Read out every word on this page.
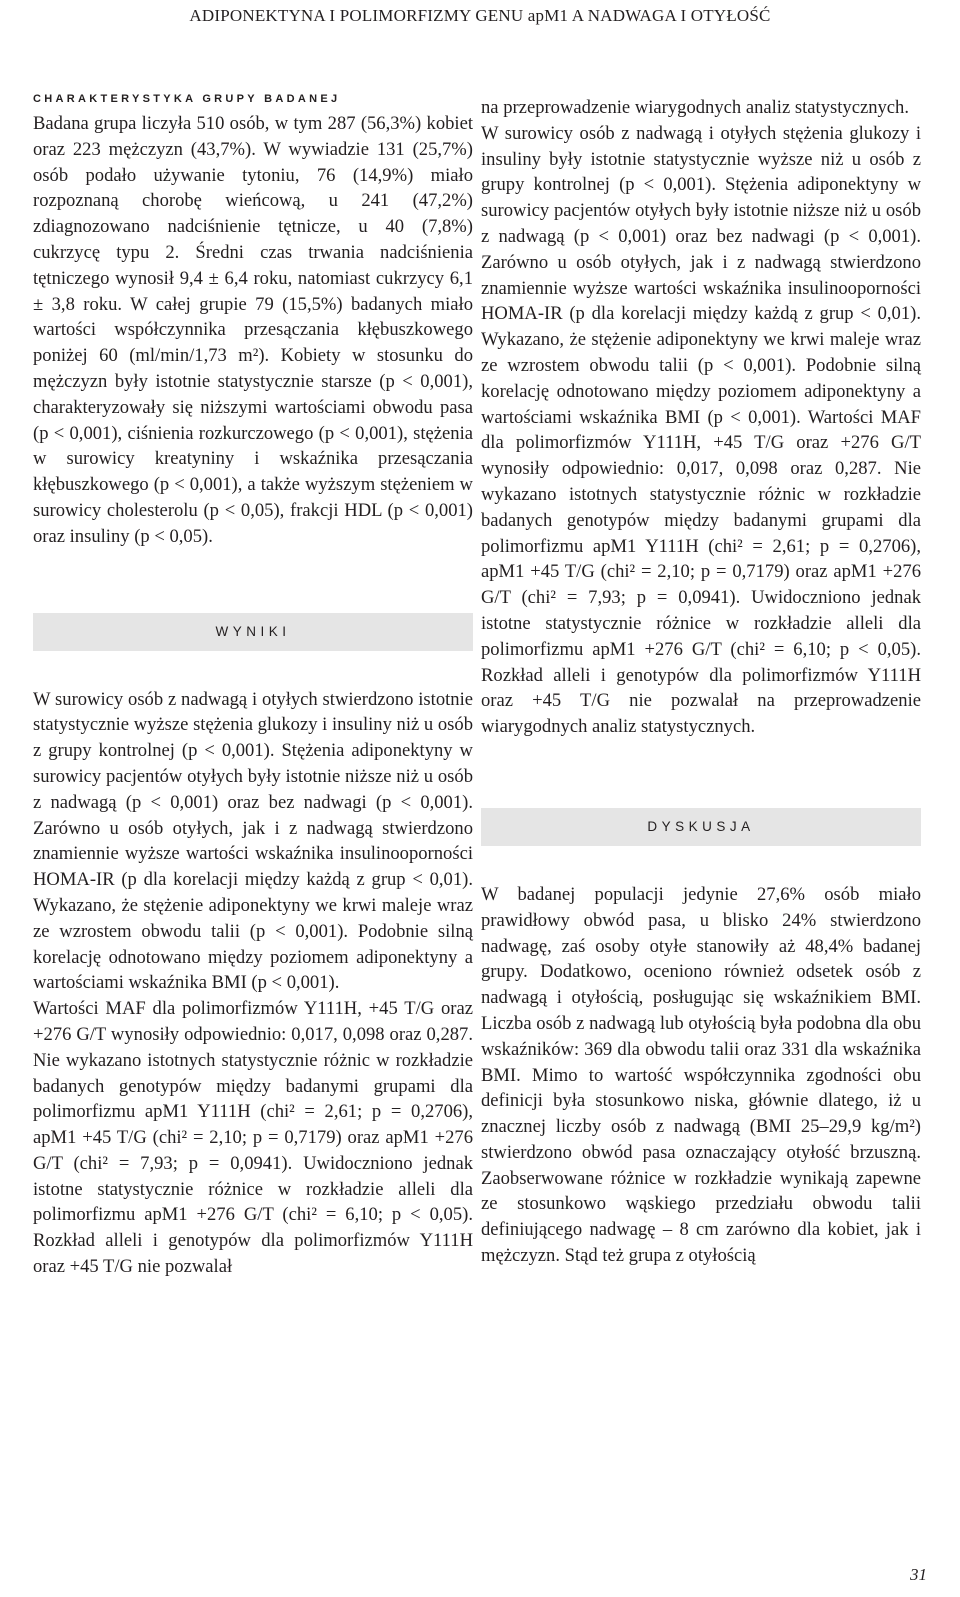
ADIPONEKTYNA I POLIMORFIZMY GENU apM1 A NADWAGA I OTYŁOŚĆ

CHARAKTERYSTYKA GRUPY BADANEJ

Badana grupa liczyła 510 osób, w tym 287 (56,3%) kobiet oraz 223 mężczyzn (43,7%). W wywiadzie 131 (25,7%) osób podało używanie tytoniu, 76 (14,9%) miało rozpoznaną chorobę wieńcową, u 241 (47,2%) zdiagnozowano nadciśnienie tętnicze, u 40 (7,8%) cukrzycę typu 2. Średni czas trwania nadciśnienia tętniczego wynosił 9,4 ± 6,4 roku, natomiast cukrzycy 6,1 ± 3,8 roku. W całej grupie 79 (15,5%) badanych miało wartości współczynnika przesączania kłębuszkowego poniżej 60 (ml/min/1,73 m²). Kobiety w stosunku do mężczyzn były istotnie statystycznie starsze (p < 0,001), charakteryzowały się niższymi wartościami obwodu pasa (p < 0,001), ciśnienia rozkurczowego (p < 0,001), stężenia w surowicy kreatyniny i wskaźnika przesączania kłębuszkowego (p < 0,001), a także wyższym stężeniem w surowicy cholesterolu (p < 0,05), frakcji HDL (p < 0,001) oraz insuliny (p < 0,05).

WYNIKI

W surowicy osób z nadwagą i otyłych stwierdzono istotnie statystycznie wyższe stężenia glukozy i insuliny niż u osób z grupy kontrolnej (p < 0,001). Stężenia adiponektyny w surowicy pacjentów otyłych były istotnie niższe niż u osób z nadwagą (p < 0,001) oraz bez nadwagi (p < 0,001). Zarówno u osób otyłych, jak i z nadwagą stwierdzono znamiennie wyższe wartości wskaźnika insulinooporności HOMA-IR (p dla korelacji między każdą z grup < 0,01). Wykazano, że stężenie adiponektyny we krwi maleje wraz ze wzrostem obwodu talii (p < 0,001). Podobnie silną korelację odnotowano między poziomem adiponektyny a wartościami wskaźnika BMI (p < 0,001).

Wartości MAF dla polimorfizmów Y111H, +45 T/G oraz +276 G/T wynosiły odpowiednio: 0,017, 0,098 oraz 0,287. Nie wykazano istotnych statystycznie różnic w rozkładzie badanych genotypów między badanymi grupami dla polimorfizmu apM1 Y111H (chi² = 2,61; p = 0,2706), apM1 +45 T/G (chi² = 2,10; p = 0,7179) oraz apM1 +276 G/T (chi² = 7,93; p = 0,0941). Uwidoczniono jednak istotne statystycznie różnice w rozkładzie alleli dla polimorfizmu apM1 +276 G/T (chi² = 6,10; p < 0,05). Rozkład alleli i genotypów dla polimorfizmów Y111H oraz +45 T/G nie pozwalał

na przeprowadzenie wiarygodnych analiz statystycznych.

W surowicy osób z nadwagą i otyłych stężenia glukozy i insuliny były istotnie statystycznie wyższe niż u osób z grupy kontrolnej (p < 0,001). Stężenia adiponektyny w surowicy pacjentów otyłych były istotnie niższe niż u osób z nadwagą (p < 0,001) oraz bez nadwagi (p < 0,001). Zarówno u osób otyłych, jak i z nadwagą stwierdzono znamiennie wyższe wartości wskaźnika insulinooporności HOMA-IR (p dla korelacji między każdą z grup < 0,01). Wykazano, że stężenie adiponektyny we krwi maleje wraz ze wzrostem obwodu talii (p < 0,001). Podobnie silną korelację odnotowano między poziomem adiponektyny a wartościami wskaźnika BMI (p < 0,001). Wartości MAF dla polimorfizmów Y111H, +45 T/G oraz +276 G/T wynosiły odpowiednio: 0,017, 0,098 oraz 0,287. Nie wykazano istotnych statystycznie różnic w rozkładzie badanych genotypów między badanymi grupami dla polimorfizmu apM1 Y111H (chi² = 2,61; p = 0,2706), apM1 +45 T/G (chi² = 2,10; p = 0,7179) oraz apM1 +276 G/T (chi² = 7,93; p = 0,0941). Uwidoczniono jednak istotne statystycznie różnice w rozkładzie alleli dla polimorfizmu apM1 +276 G/T (chi² = 6,10; p < 0,05). Rozkład alleli i genotypów dla polimorfizmów Y111H oraz +45 T/G nie pozwalał na przeprowadzenie wiarygodnych analiz statystycznych.

DYSKUSJA

W badanej populacji jedynie 27,6% osób miało prawidłowy obwód pasa, u blisko 24% stwierdzono nadwagę, zaś osoby otyłe stanowiły aż 48,4% badanej grupy. Dodatkowo, oceniono również odsetek osób z nadwagą i otyłością, posługując się wskaźnikiem BMI. Liczba osób z nadwagą lub otyłością była podobna dla obu wskaźników: 369 dla obwodu talii oraz 331 dla wskaźnika BMI. Mimo to wartość współczynnika zgodności obu definicji była stosunkowo niska, głównie dlatego, iż u znacznej liczby osób z nadwagą (BMI 25–29,9 kg/m²) stwierdzono obwód pasa oznaczający otyłość brzuszną. Zaobserwowane różnice w rozkładzie wynikają zapewne ze stosunkowo wąskiego przedziału obwodu talii definiującego nadwagę – 8 cm zarówno dla kobiet, jak i mężczyzn. Stąd też grupa z otyłością

31
